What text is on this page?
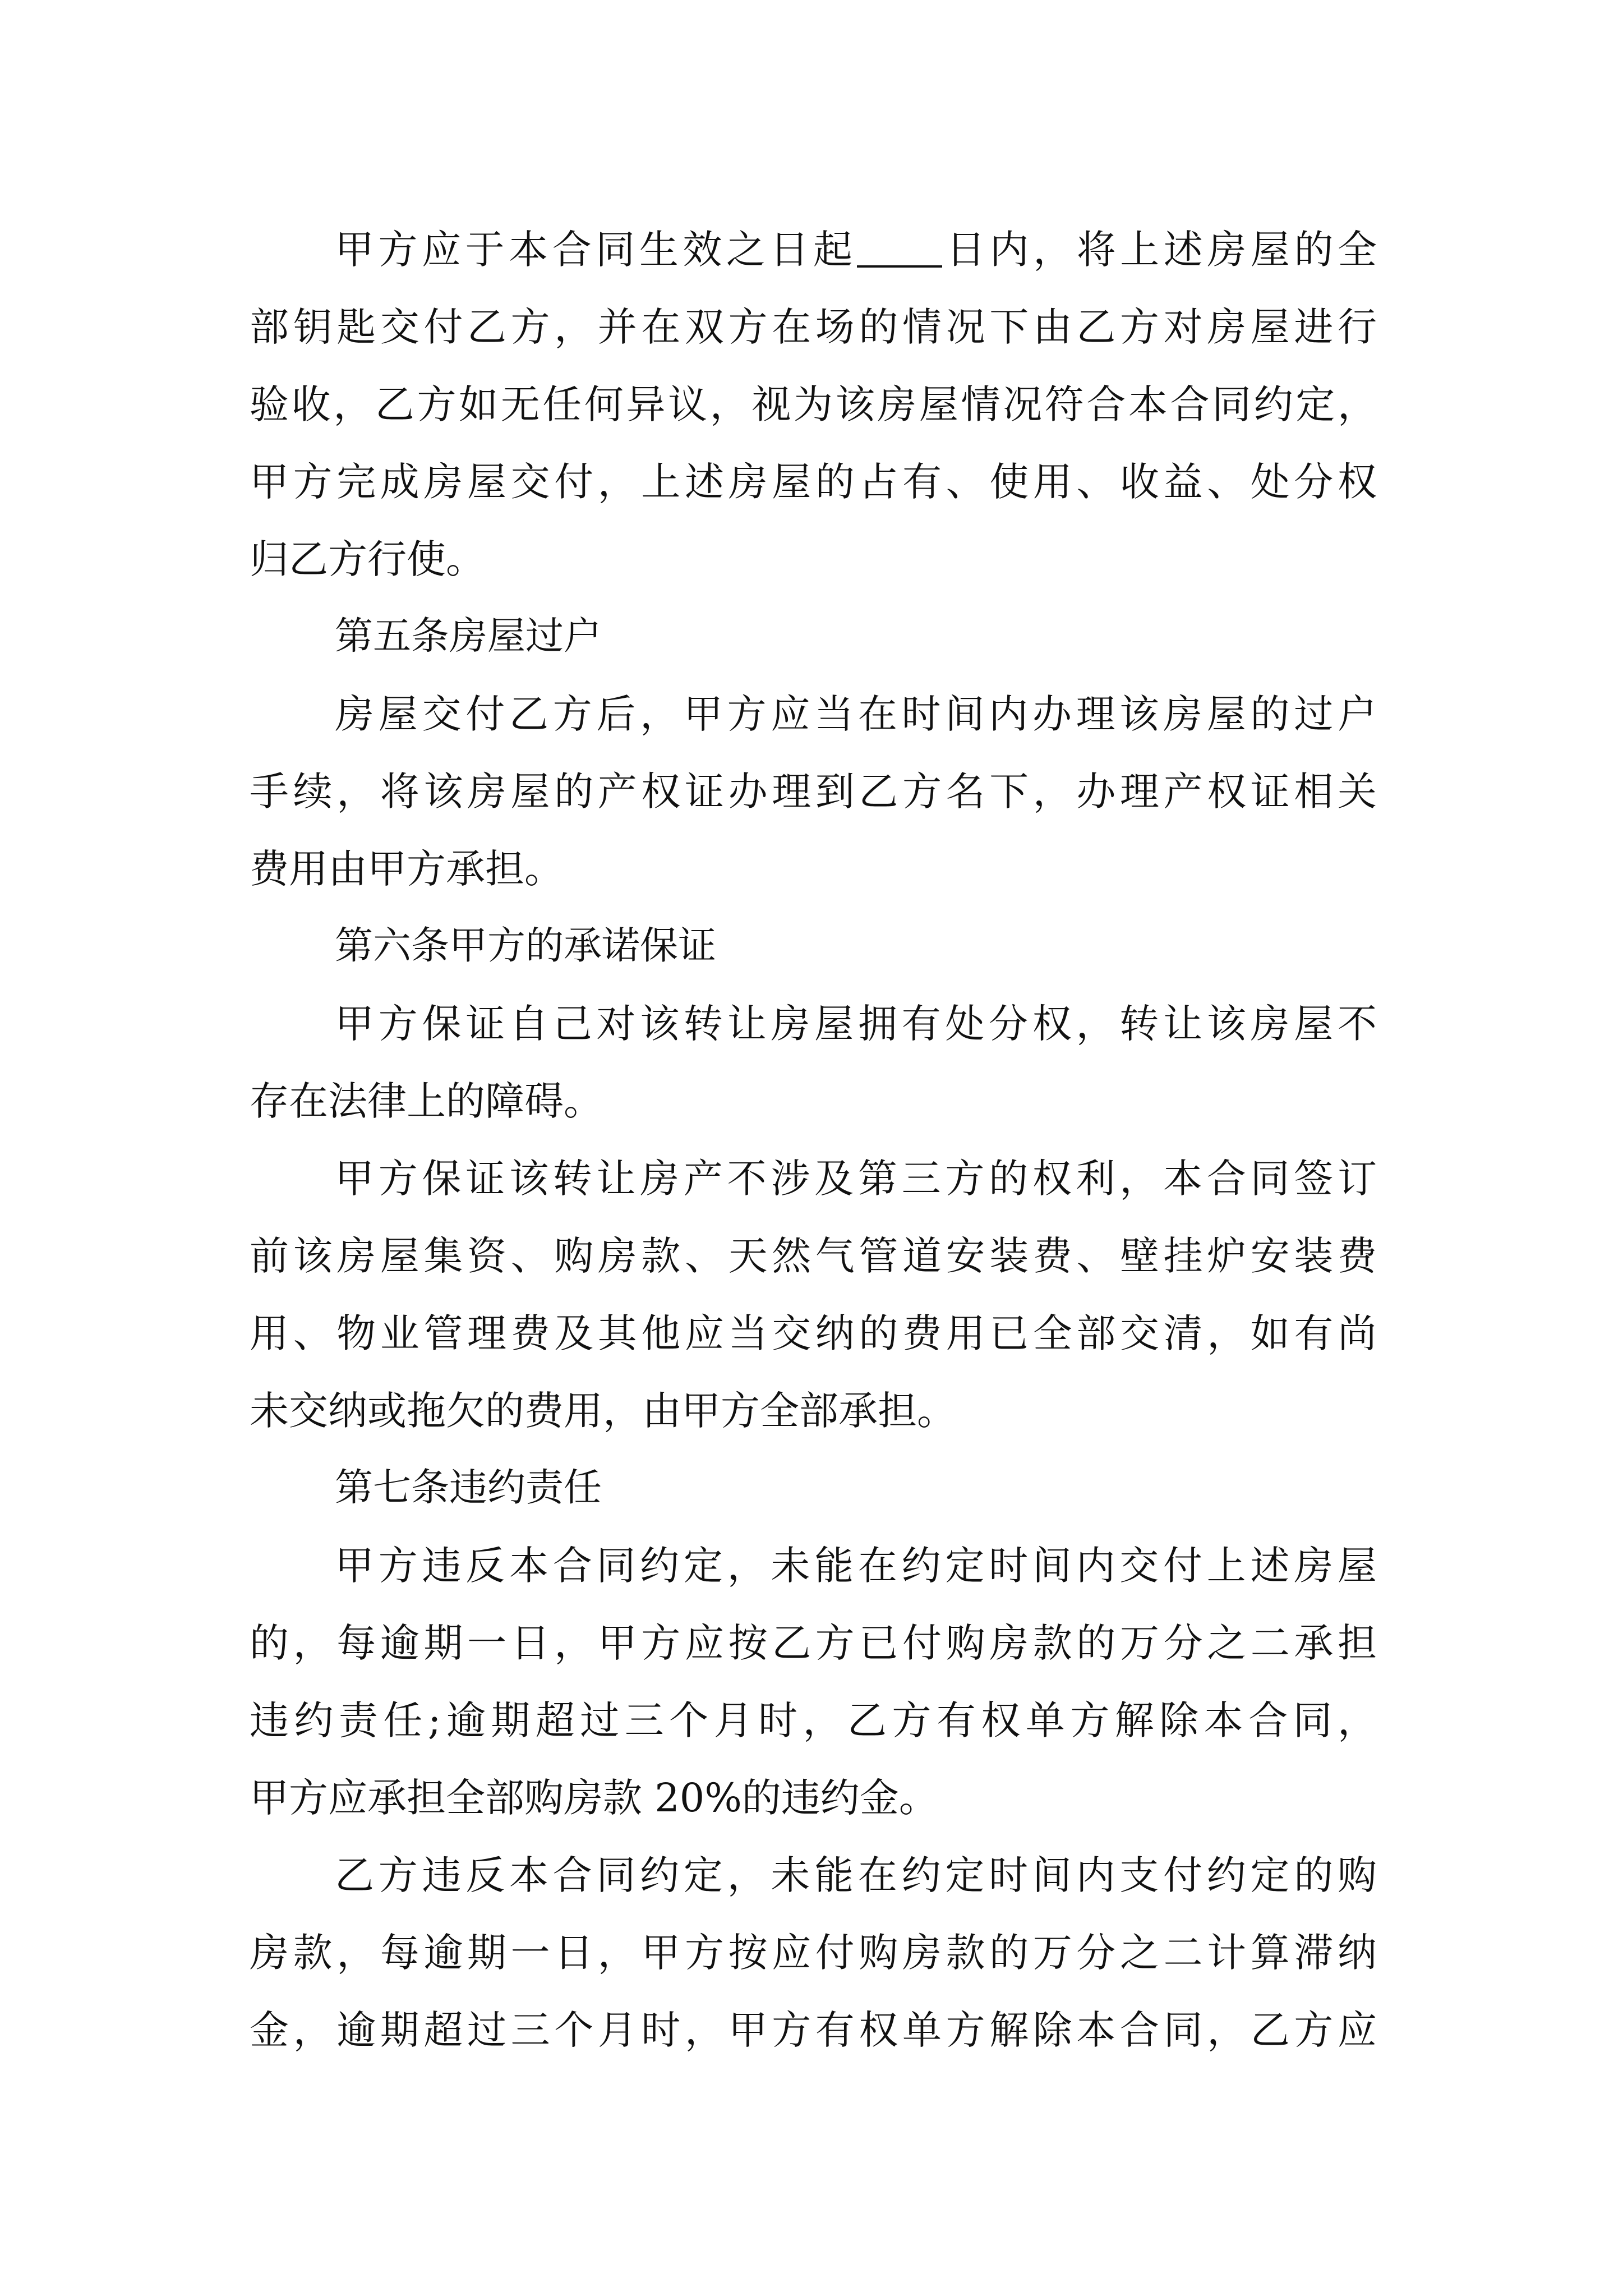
甲方应于本合同生效之日起 日内，将上述房屋的全
部钥匙交付乙方，并在双方在场的情况下由乙方对房屋进行
验收，乙方如无任何异议，视为该房屋情况符合本合同约定，
甲方完成房屋交付，上述房屋的占有、使用、收益、处分权
归乙方行使。
第五条房屋过户
房屋交付乙方后，甲方应当在时间内办理该房屋的过户
手续，将该房屋的产权证办理到乙方名下，办理产权证相关
费用由甲方承担。
第六条甲方的承诺保证
甲方保证自己对该转让房屋拥有处分权，转让该房屋不
存在法律上的障碍。
甲方保证该转让房产不涉及第三方的权利，本合同签订
前该房屋集资、购房款、天然气管道安装费、壁挂炉安装费
用、物业管理费及其他应当交纳的费用已全部交清，如有尚
未交纳或拖欠的费用，由甲方全部承担。
第七条违约责任
甲方违反本合同约定，未能在约定时间内交付上述房屋
的，每逾期一日，甲方应按乙方已付购房款的万分之二承担
违约责任;逾期超过三个月时，乙方有权单方解除本合同，
甲方应承担全部购房款 20%的违约金。
乙方违反本合同约定，未能在约定时间内支付约定的购
房款，每逾期一日，甲方按应付购房款的万分之二计算滞纳
金，逾期超过三个月时，甲方有权单方解除本合同，乙方应
